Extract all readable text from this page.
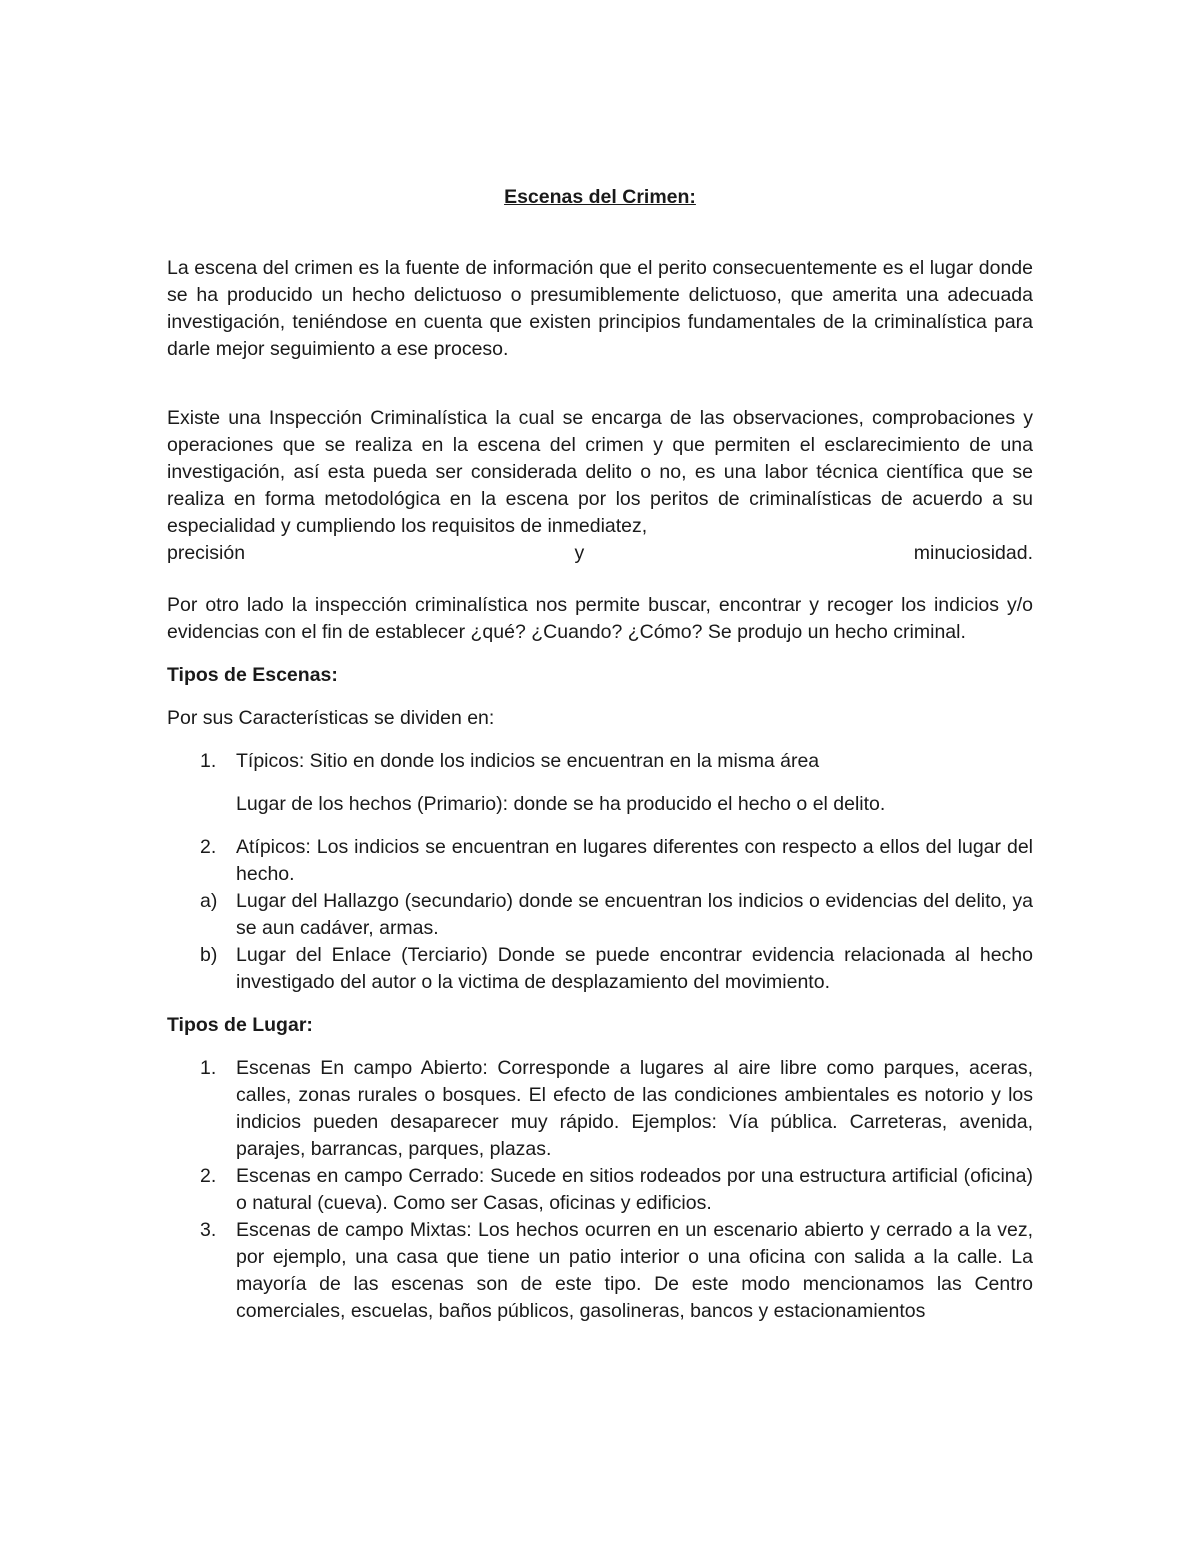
Escenas del Crimen:

La escena del crimen es la fuente de información que el perito consecuentemente es el lugar donde se ha producido un hecho delictuoso o presumiblemente delictuoso, que amerita una adecuada investigación, teniéndose en cuenta que existen principios fundamentales de la criminalística para darle mejor seguimiento a ese proceso.

Existe una Inspección Criminalística la cual se encarga de las observaciones, comprobaciones y operaciones que se realiza en la escena del crimen y que permiten el esclarecimiento de una investigación, así esta pueda ser considerada delito o no, es una labor técnica científica que se realiza en forma metodológica en la escena por los peritos de criminalísticas de acuerdo a su especialidad y cumpliendo los requisitos de inmediatez,

precisión	y	minuciosidad.

Por otro lado la inspección criminalística nos permite buscar, encontrar y recoger los indicios y/o evidencias con el fin de establecer ¿qué? ¿Cuando? ¿Cómo? Se produjo un hecho criminal.

Tipos de Escenas:
Por sus Características se dividen en:
1.	Típicos: Sitio en donde los indicios se encuentran en la misma área
Lugar de los hechos (Primario): donde se ha producido el hecho o el delito.
2.	Atípicos: Los indicios se encuentran en lugares diferentes con respecto a ellos del lugar del hecho.
a) Lugar del Hallazgo (secundario) donde se encuentran los indicios o evidencias del delito, ya se aun cadáver, armas.
b) Lugar del Enlace (Terciario) Donde se puede encontrar evidencia relacionada al hecho investigado del autor o la victima de desplazamiento del movimiento.
Tipos de Lugar:
1.	Escenas En campo Abierto: Corresponde a lugares al aire libre como parques, aceras, calles, zonas rurales o bosques. El efecto de las condiciones ambientales es notorio y los indicios pueden desaparecer muy rápido. Ejemplos: Vía pública. Carreteras, avenida, parajes, barrancas, parques, plazas.
2.	Escenas en campo Cerrado: Sucede en sitios rodeados por una estructura artificial (oficina) o natural (cueva). Como ser Casas, oficinas y edificios.
3.	Escenas de campo Mixtas: Los hechos ocurren en un escenario abierto y cerrado a la vez, por ejemplo, una casa que tiene un patio interior o una oficina con salida a la calle. La mayoría de las escenas son de este tipo. De este modo mencionamos las Centro comerciales, escuelas, baños públicos, gasolineras, bancos y estacionamientos
